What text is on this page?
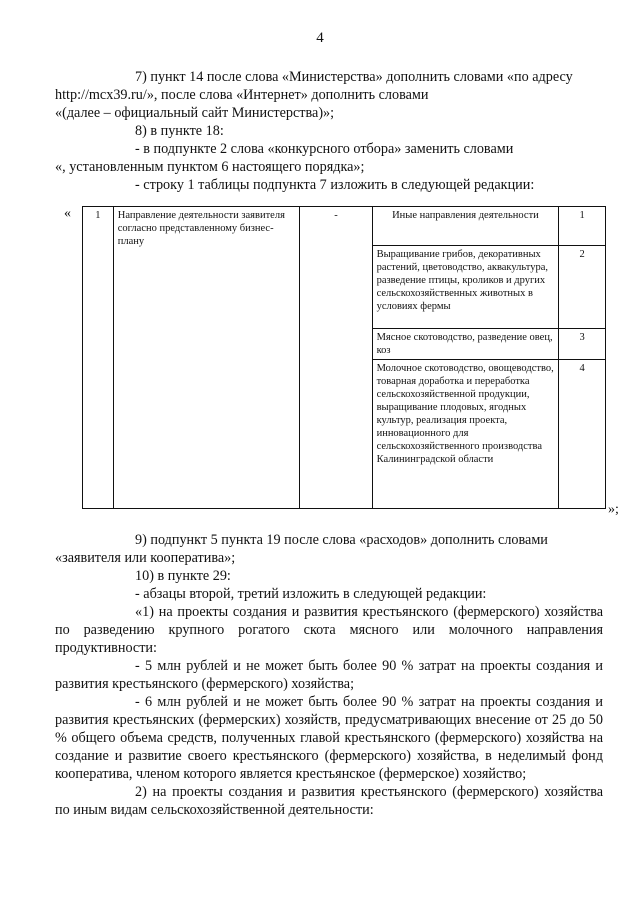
4

7) пункт 14 после слова «Министерства» дополнить словами «по адресу

http://mcx39.ru/», после слова «Интернет» дополнить словами

«(далее – официальный сайт Министерства)»;

8) в пункте 18:

- в подпункте 2 слова «конкурсного отбора» заменить словами

«, установленным пунктом 6 настоящего порядка»;

- строку 1 таблицы подпункта 7 изложить в следующей редакции:

« 1	Направление деятельности заявителя согласно представленному бизнес-плану	-	Иные направления деятельности	1
			Выращивание грибов, декоративных растений, цветоводство, аквакультура, разведение птицы, кроликов и других сельскохозяйственных животных в условиях фермы	2
			Мясное скотоводство, разведение овец, коз	3
			Молочное скотоводство, овощеводство, товарная доработка и переработка сельскохозяйственной продукции, выращивание плодовых, ягодных культур, реализация проекта, инновационного для сельскохозяйственного производства Калининградской области	4
»;

9) подпункт 5 пункта 19 после слова «расходов» дополнить словами

«заявителя или кооператива»;

10) в пункте 29:

- абзацы второй, третий изложить в следующей редакции:

«1) на проекты создания и развития крестьянского (фермерского) хозяйства по разведению крупного рогатого скота мясного или молочного направления продуктивности:

- 5 млн рублей и не может быть более 90 % затрат на проекты создания и развития крестьянского (фермерского) хозяйства;

- 6 млн рублей и не может быть более 90 % затрат на проекты создания и развития крестьянских (фермерских) хозяйств, предусматривающих внесение от 25 до 50 % общего объема средств, полученных главой крестьянского (фермерского) хозяйства на создание и развитие своего крестьянского (фермерского) хозяйства, в неделимый фонд кооператива, членом которого является крестьянское (фермерское) хозяйство;

2) на проекты создания и развития крестьянского (фермерского) хозяйства по иным видам сельскохозяйственной деятельности:
